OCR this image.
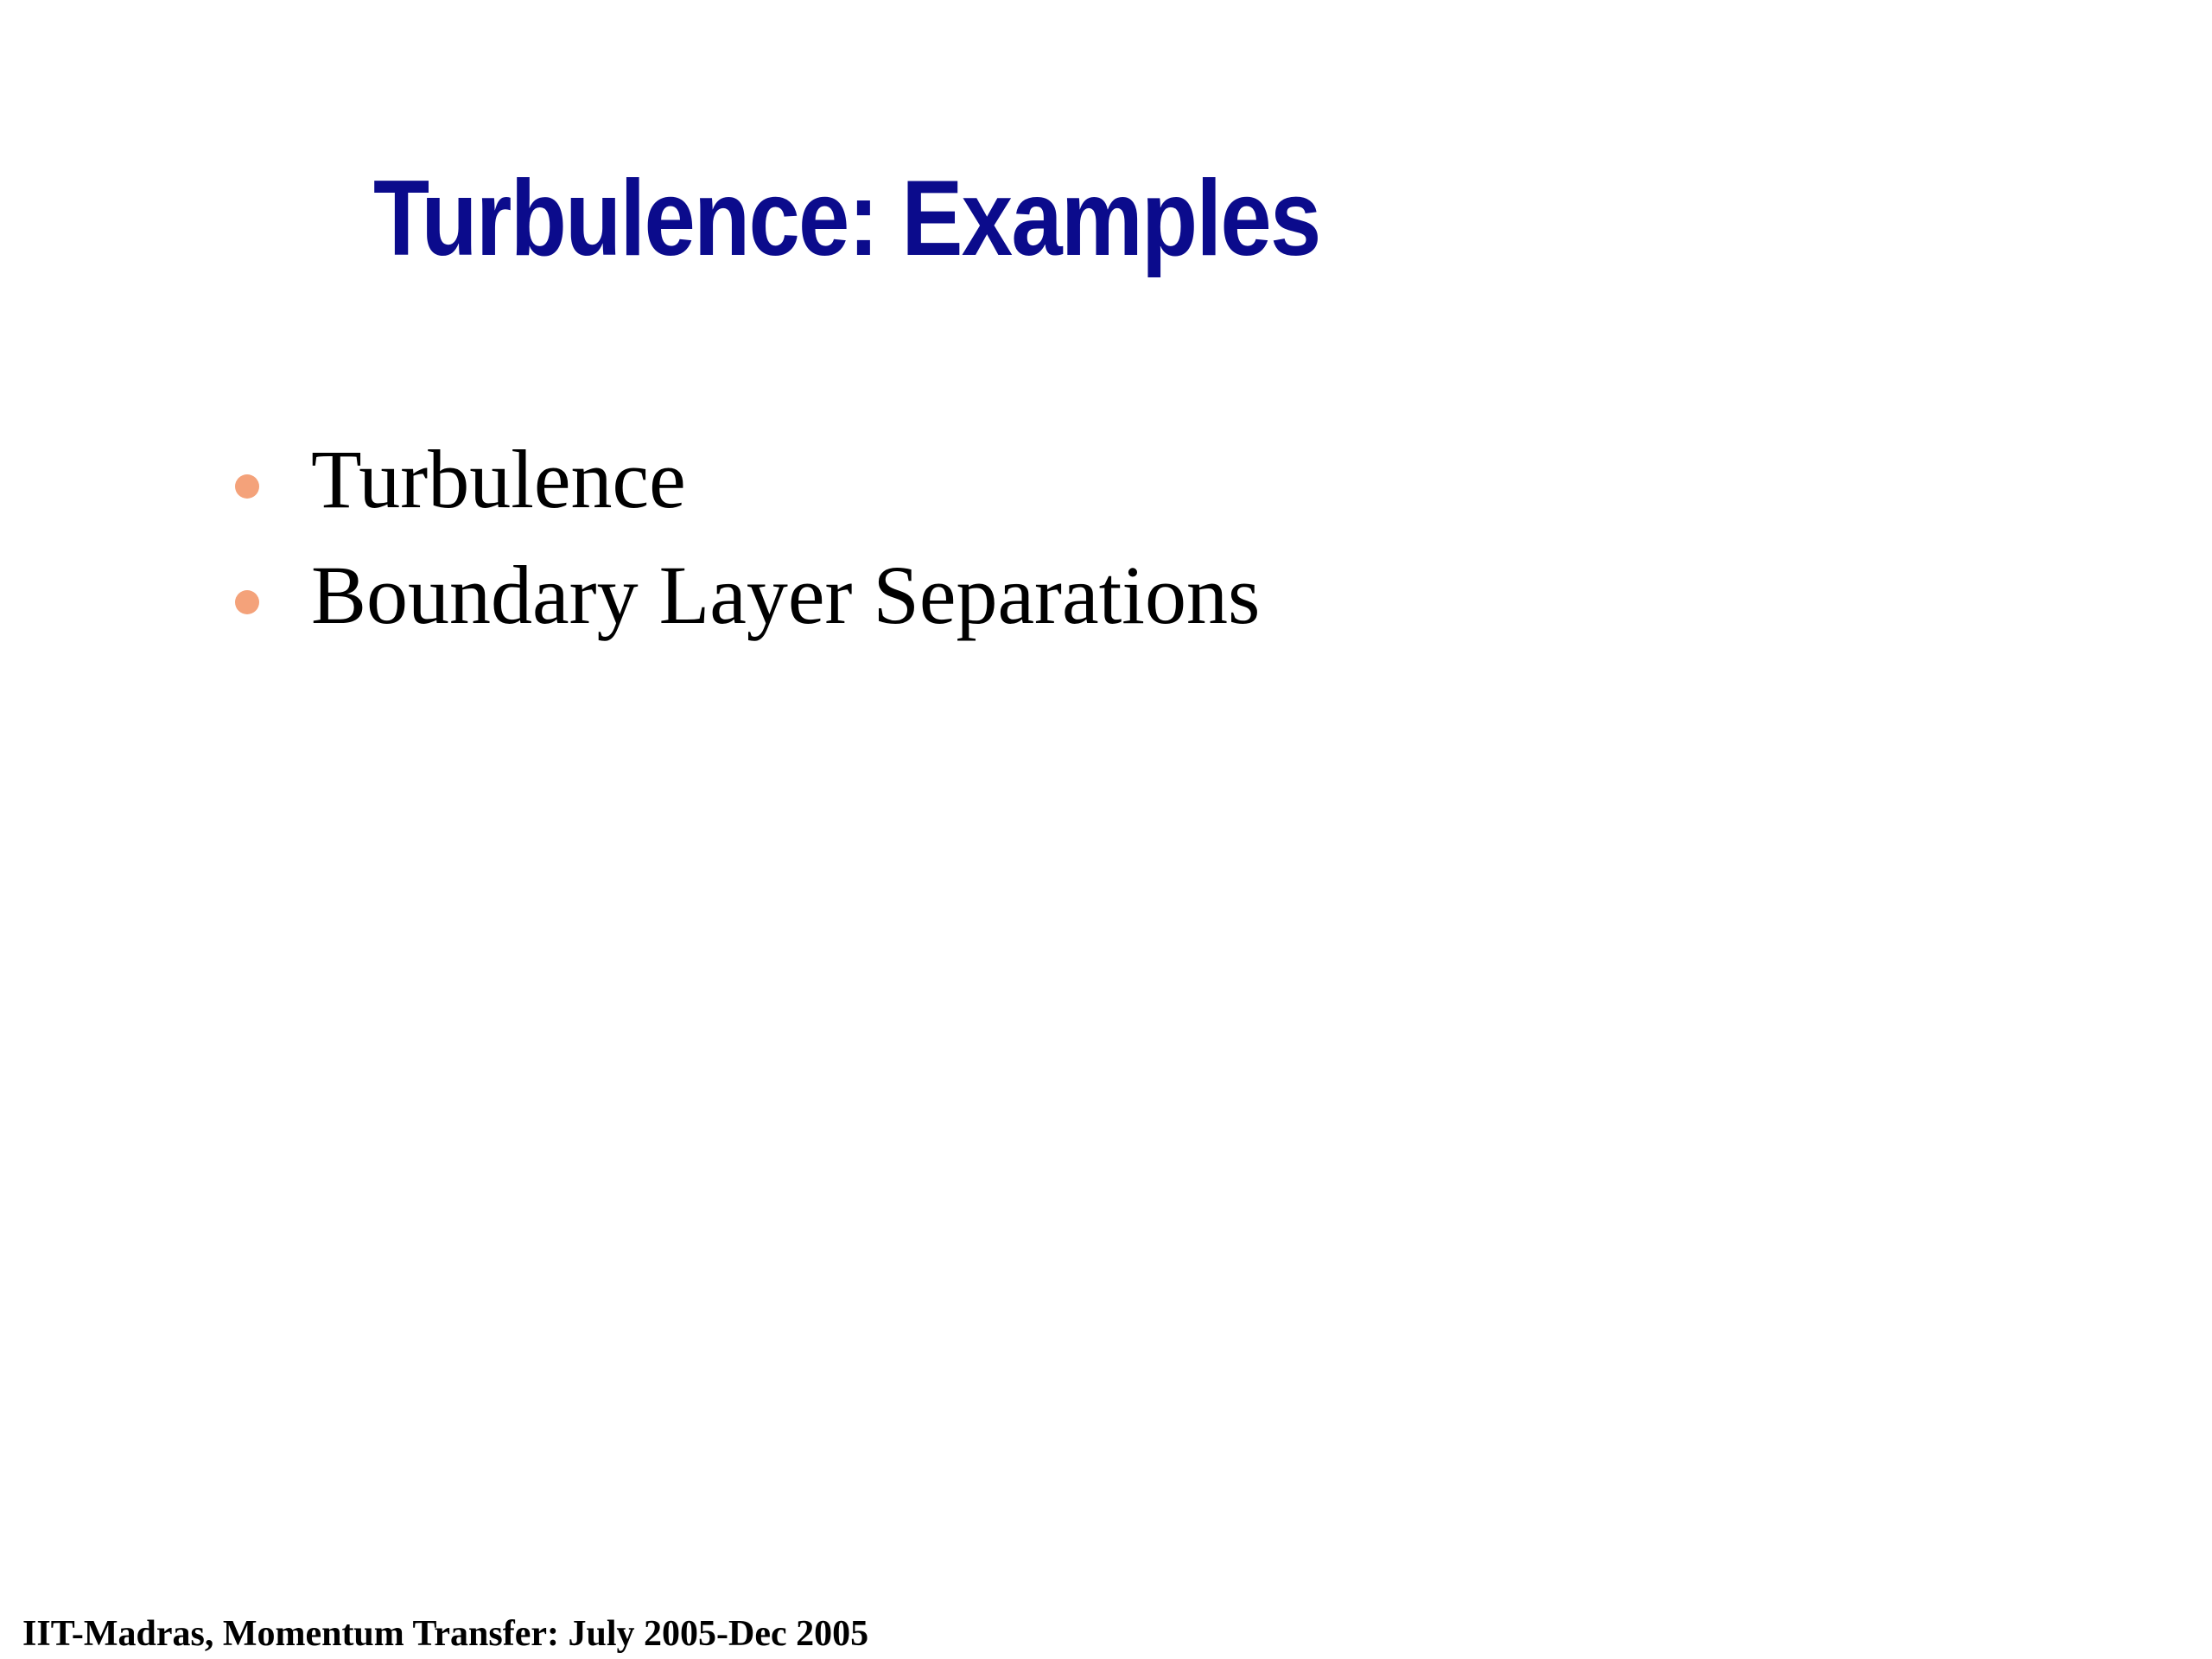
Turbulence: Examples
Turbulence
Boundary Layer Separations
IIT-Madras, Momentum Transfer: July 2005-Dec 2005
